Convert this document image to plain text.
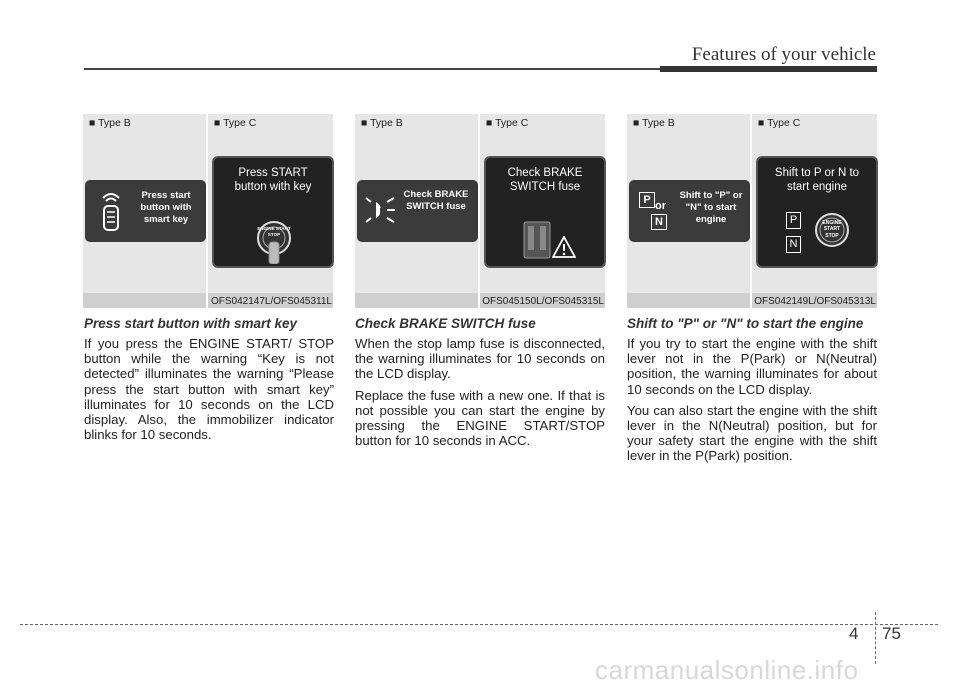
Features of your vehicle
■ Type B	■ Type C
Press start button with smart key
Press START button with key
ENGINE START STOP
OFS042147L/OFS045311L
■ Type B	■ Type C
!
Check BRAKE SWITCH fuse
Check BRAKE SWITCH fuse
OFS045150L/OFS045315L
■ Type B	■ Type C
P or
N
Shift to "P" or "N" to start engine
Shift to P or N to start engine
P
N
ENGINE START STOP
OFS042149L/OFS045313L
Press start button with smart key	Check BRAKE SWITCH fuse	Shift to "P" or "N" to start the engine

If you press the ENGINE START/ STOP button while the warning “Key is not detected” illuminates the warning “Please press the start button with smart key” illuminates for 10 seconds on the LCD display. Also, the immobilizer indicator blinks for 10 seconds.

When the stop lamp fuse is disconnected, the warning illuminates for 10 seconds on the LCD display.

Replace the fuse with a new one. If that is not possible you can start the engine by pressing the ENGINE START/STOP button for 10 seconds in ACC.

If you try to start the engine with the shift lever not in the P(Park) or N(Neutral) position, the warning illuminates for about 10 seconds on the LCD display.

You can also start the engine with the shift lever in the N(Neutral) position, but for your safety start the engine with the shift lever in the P(Park) position.

4 75
carmanualsonline.info
